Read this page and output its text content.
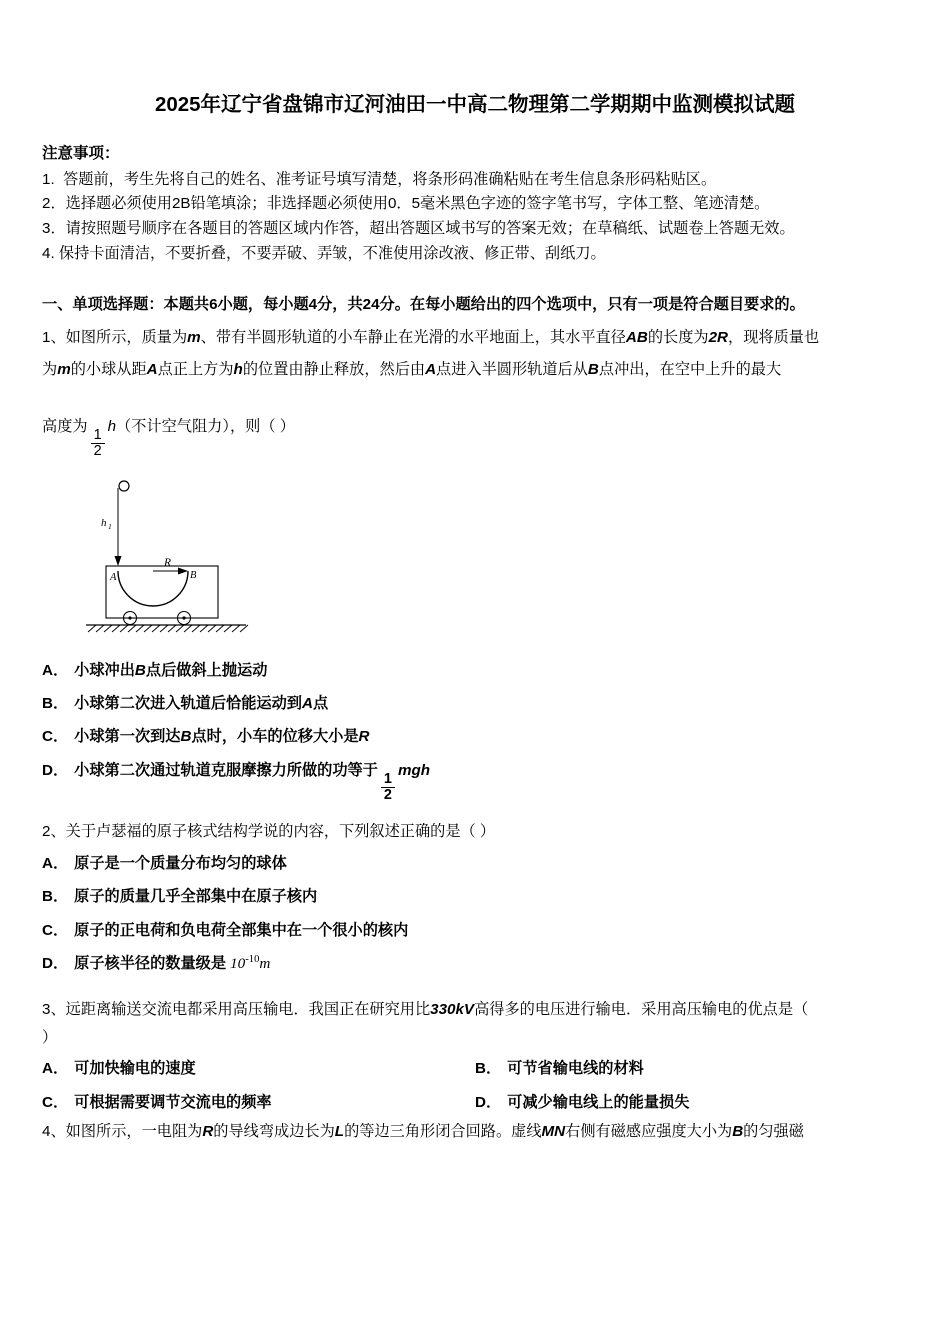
2025年辽宁省盘锦市辽河油田一中高二物理第二学期期中监测模拟试题

注意事项：

1.  答题前，考生先将自己的姓名、准考证号填写清楚，将条形码准确粘贴在考生信息条形码粘贴区。

2．选择题必须使用2B铅笔填涂；非选择题必须使用0．5毫米黑色字迹的签字笔书写，字体工整、笔迹清楚。

3．请按照题号顺序在各题目的答题区域内作答，超出答题区域书写的答案无效；在草稿纸、试题卷上答题无效。

4. 保持卡面清洁，不要折叠，不要弄破、弄皱，不准使用涂改液、修正带、刮纸刀。

一、单项选择题：本题共6小题，每小题4分，共24分。在每小题给出的四个选项中，只有一项是符合题目要求的。

1、如图所示，质量为m、带有半圆形轨道的小车静止在光滑的水平地面上，其水平直径AB的长度为2R，现将质量也

为m的小球从距A点正上方为h的位置由静止释放，然后由A点进入半圆形轨道后从B点冲出，在空中上升的最大

高度为
$\frac{1}{2}$
h（不计空气阻力），则（ ）

h 1
R
A	B

A． 小球冲出B点后做斜上抛运动

B． 小球第二次进入轨道后恰能运动到A点

C． 小球第一次到达B点时，小车的位移大小是R

D． 小球第二次通过轨道克服摩擦力所做的功等于
$\frac{1}{2}$
mgh

2、关于卢瑟福的原子核式结构学说的内容，下列叙述正确的是（ ）

A． 原子是一个质量分布均匀的球体

B． 原子的质量几乎全部集中在原子核内

C． 原子的正电荷和负电荷全部集中在一个很小的核内

D． 原子核半径的数量级是 $10^{-10}m$

3、远距离输送交流电都采用高压输电．我国正在研究用比330kV高得多的电压进行输电．采用高压输电的优点是（

）

A． 可加快输电的速度	B． 可节省输电线的材料

C． 可根据需要调节交流电的频率	D． 可减少输电线上的能量损失

4、如图所示，一电阻为R的导线弯成边长为L的等边三角形闭合回路。虚线MN右侧有磁感应强度大小为B的匀强磁
